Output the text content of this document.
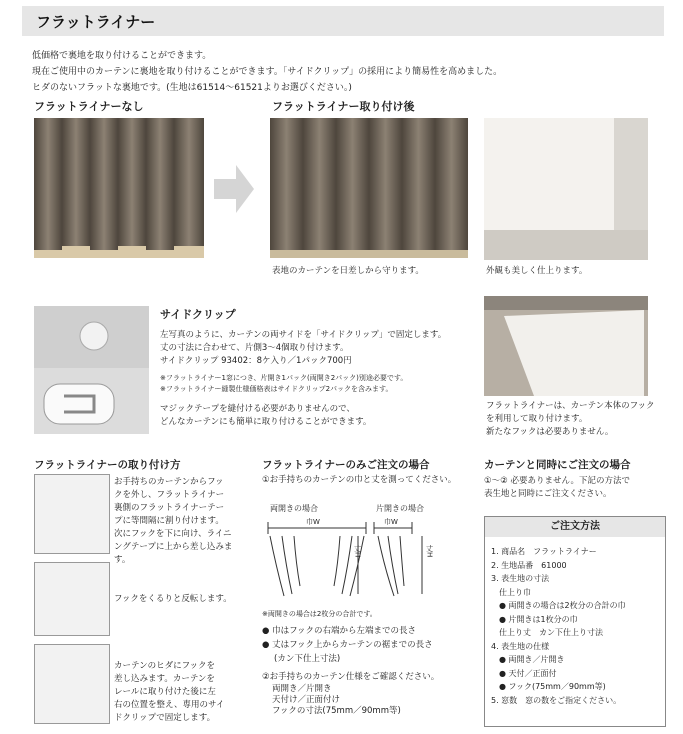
フラットライナー
低価格で裏地を取り付けることができます。
現在ご使用中のカーテンに裏地を取り付けることができます。「サイドクリップ」の採用により簡易性を高めました。
ヒダのないフラットな裏地です。(生地は61514〜61521よりお選びください。)
フラットライナーなし	フラットライナー取り付け後
表地のカーテンを日差しから守ります。	外観も美しく仕上ります。
サイドクリップ
左写真のように、カーテンの両サイドを「サイドクリップ」で固定します。
丈の寸法に合わせて、片側3〜4個取り付けます。
サイドクリップ 93402：8ケ入り／1パック700円
※フラットライナー1窓につき、片開き1パック(両開き2パック)別途必要です。
※フラットライナー縫製仕様価格表はサイドクリップ2パックを含みます。
マジックテープを縫付ける必要がありませんので、
どんなカーテンにも簡単に取り付けることができます。
フラットライナーは、カーテン本体のフック
を利用して取り付けます。
新たなフックは必要ありません。
フラットライナーの取り付け方
お手持ちのカーテンからフッ
クを外し、フラットライナー
裏側のフラットライナーテー
プに等間隔に割り付けます。
次にフックを下に向け、ライニ
ングテープに上から差し込みま
す。
フックをくるりと反転します。
カーテンのヒダにフックを
差し込みます。カーテンを
レールに取り付けた後に左
右の位置を整え、専用のサイ
ドクリップで固定します。
フラットライナーのみご注文の場合
①お手持ちのカーテンの巾と丈を測ってください。
両開きの場合	片開きの場合
巾W	巾W
丈H	丈H
※両開きの場合は2枚分の合計です。
● 巾はフックの右端から左端までの長さ
● 丈はフック上からカーテンの裾までの長さ
(カン下仕上寸法)
②お手持ちのカーテン仕様をご確認ください。
両開き／片開き
天付け／正面付け
フックの寸法(75mm／90mm等)
カーテンと同時にご注文の場合
①〜② 必要ありません。下記の方法で
表生地と同時にご注文ください。
ご注文方法
1. 商品名　フラットライナー
2. 生地品番　61000
3. 表生地の寸法
　仕上り巾
　● 両開きの場合は2枚分の合計の巾
　● 片開きは1枚分の巾
　仕上り丈　カン下仕上り寸法
4. 表生地の仕様
　● 両開き／片開き
　● 天付／正面付
　● フック(75mm／90mm等)
5. 窓数　窓の数をご指定ください。
